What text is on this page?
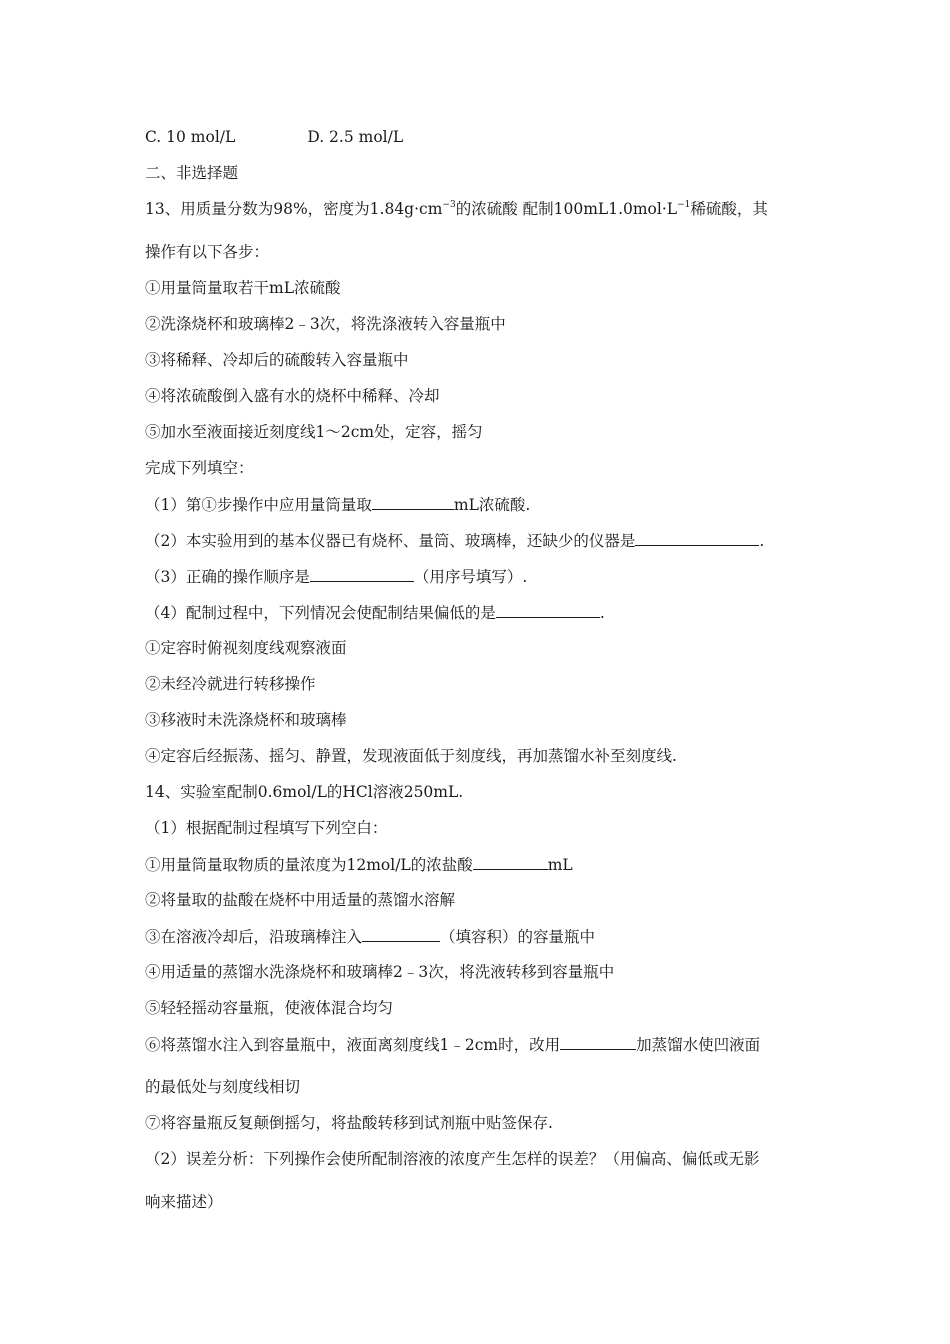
C. 10 mol/L	D. 2.5 mol/L
二、非选择题
13、用质量分数为98%，密度为$1.84g\cdot cm^{-3}$的浓硫酸 配制$100mL1.0mol\cdot L^{-1}$稀硫酸，其
操作有以下各步：
①用量筒量取若干mL浓硫酸
②洗涤烧杯和玻璃棒2﹣3次，将洗涤液转入容量瓶中
③将稀释、冷却后的硫酸转入容量瓶中
④将浓硫酸倒入盛有水的烧杯中稀释、冷却
⑤加水至液面接近刻度线1～2cm处，定容，摇匀
完成下列填空：
（1）第①步操作中应用量筒量取	mL浓硫酸.
（2）本实验用到的基本仪器已有烧杯、量筒、玻璃棒，还缺少的仪器是	.
（3）正确的操作顺序是	（用序号填写）.
（4）配制过程中，下列情况会使配制结果偏低的是	.
①定容时俯视刻度线观察液面
②未经冷就进行转移操作
③移液时未洗涤烧杯和玻璃棒
④定容后经振荡、摇匀、静置，发现液面低于刻度线，再加蒸馏水补至刻度线.
14、实验室配制0.6mol/L的HCl溶液250mL.
（1）根据配制过程填写下列空白：
①用量筒量取物质的量浓度为12mol/L的浓盐酸	mL
②将量取的盐酸在烧杯中用适量的蒸馏水溶解
③在溶液冷却后，沿玻璃棒注入	（填容积）的容量瓶中
④用适量的蒸馏水洗涤烧杯和玻璃棒2﹣3次，将洗液转移到容量瓶中
⑤轻轻摇动容量瓶，使液体混合均匀
⑥将蒸馏水注入到容量瓶中，液面离刻度线1﹣2cm时，改用	加蒸馏水使凹液面
的最低处与刻度线相切
⑦将容量瓶反复颠倒摇匀，将盐酸转移到试剂瓶中贴签保存.
（2）误差分析：下列操作会使所配制溶液的浓度产生怎样的误差？（用偏高、偏低或无影
响来描述）
